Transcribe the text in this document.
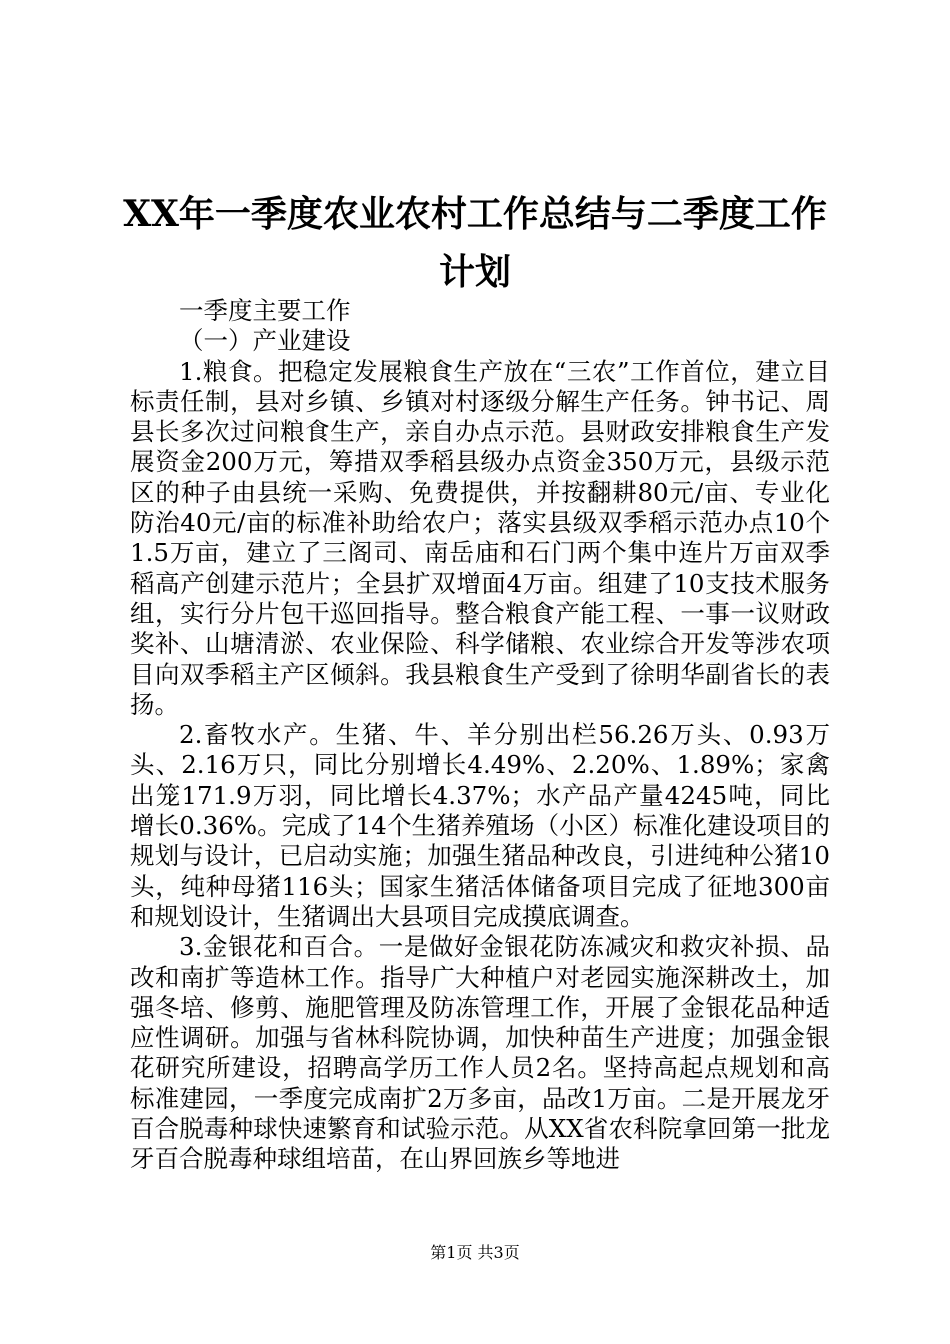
XX年一季度农业农村工作总结与二季度工作
计划

一季度主要工作

（一）产业建设

1.粮食。把稳定发展粮食生产放在“三农”工作首位，建立目标责任制，县对乡镇、乡镇对村逐级分解生产任务。钟书记、周县长多次过问粮食生产，亲自办点示范。县财政安排粮食生产发展资金200万元，筹措双季稻县级办点资金350万元，县级示范区的种子由县统一采购、免费提供，并按翻耕80元/亩、专业化防治40元/亩的标准补助给农户；落实县级双季稻示范办点10个1.5万亩，建立了三阁司、南岳庙和石门两个集中连片万亩双季稻高产创建示范片；全县扩双增面4万亩。组建了10支技术服务组，实行分片包干巡回指导。整合粮食产能工程、一事一议财政奖补、山塘清淤、农业保险、科学储粮、农业综合开发等涉农项目向双季稻主产区倾斜。我县粮食生产受到了徐明华副省长的表扬。

2.畜牧水产。生猪、牛、羊分别出栏56.26万头、0.93万头、2.16万只，同比分别增长4.49%、2.20%、1.89%；家禽出笼171.9万羽，同比增长4.37%；水产品产量4245吨，同比增长0.36%。完成了14个生猪养殖场（小区）标准化建设项目的规划与设计，已启动实施；加强生猪品种改良，引进纯种公猪10头，纯种母猪116头；国家生猪活体储备项目完成了征地300亩和规划设计，生猪调出大县项目完成摸底调查。

3.金银花和百合。一是做好金银花防冻减灾和救灾补损、品改和南扩等造林工作。指导广大种植户对老园实施深耕改土，加强冬培、修剪、施肥管理及防冻管理工作，开展了金银花品种适应性调研。加强与省林科院协调，加快种苗生产进度；加强金银花研究所建设，招聘高学历工作人员2名。坚持高起点规划和高标准建园，一季度完成南扩2万多亩，品改1万亩。二是开展龙牙百合脱毒种球快速繁育和试验示范。从XX省农科院拿回第一批龙牙百合脱毒种球组培苗，在山界回族乡等地进

第1页 共3页
